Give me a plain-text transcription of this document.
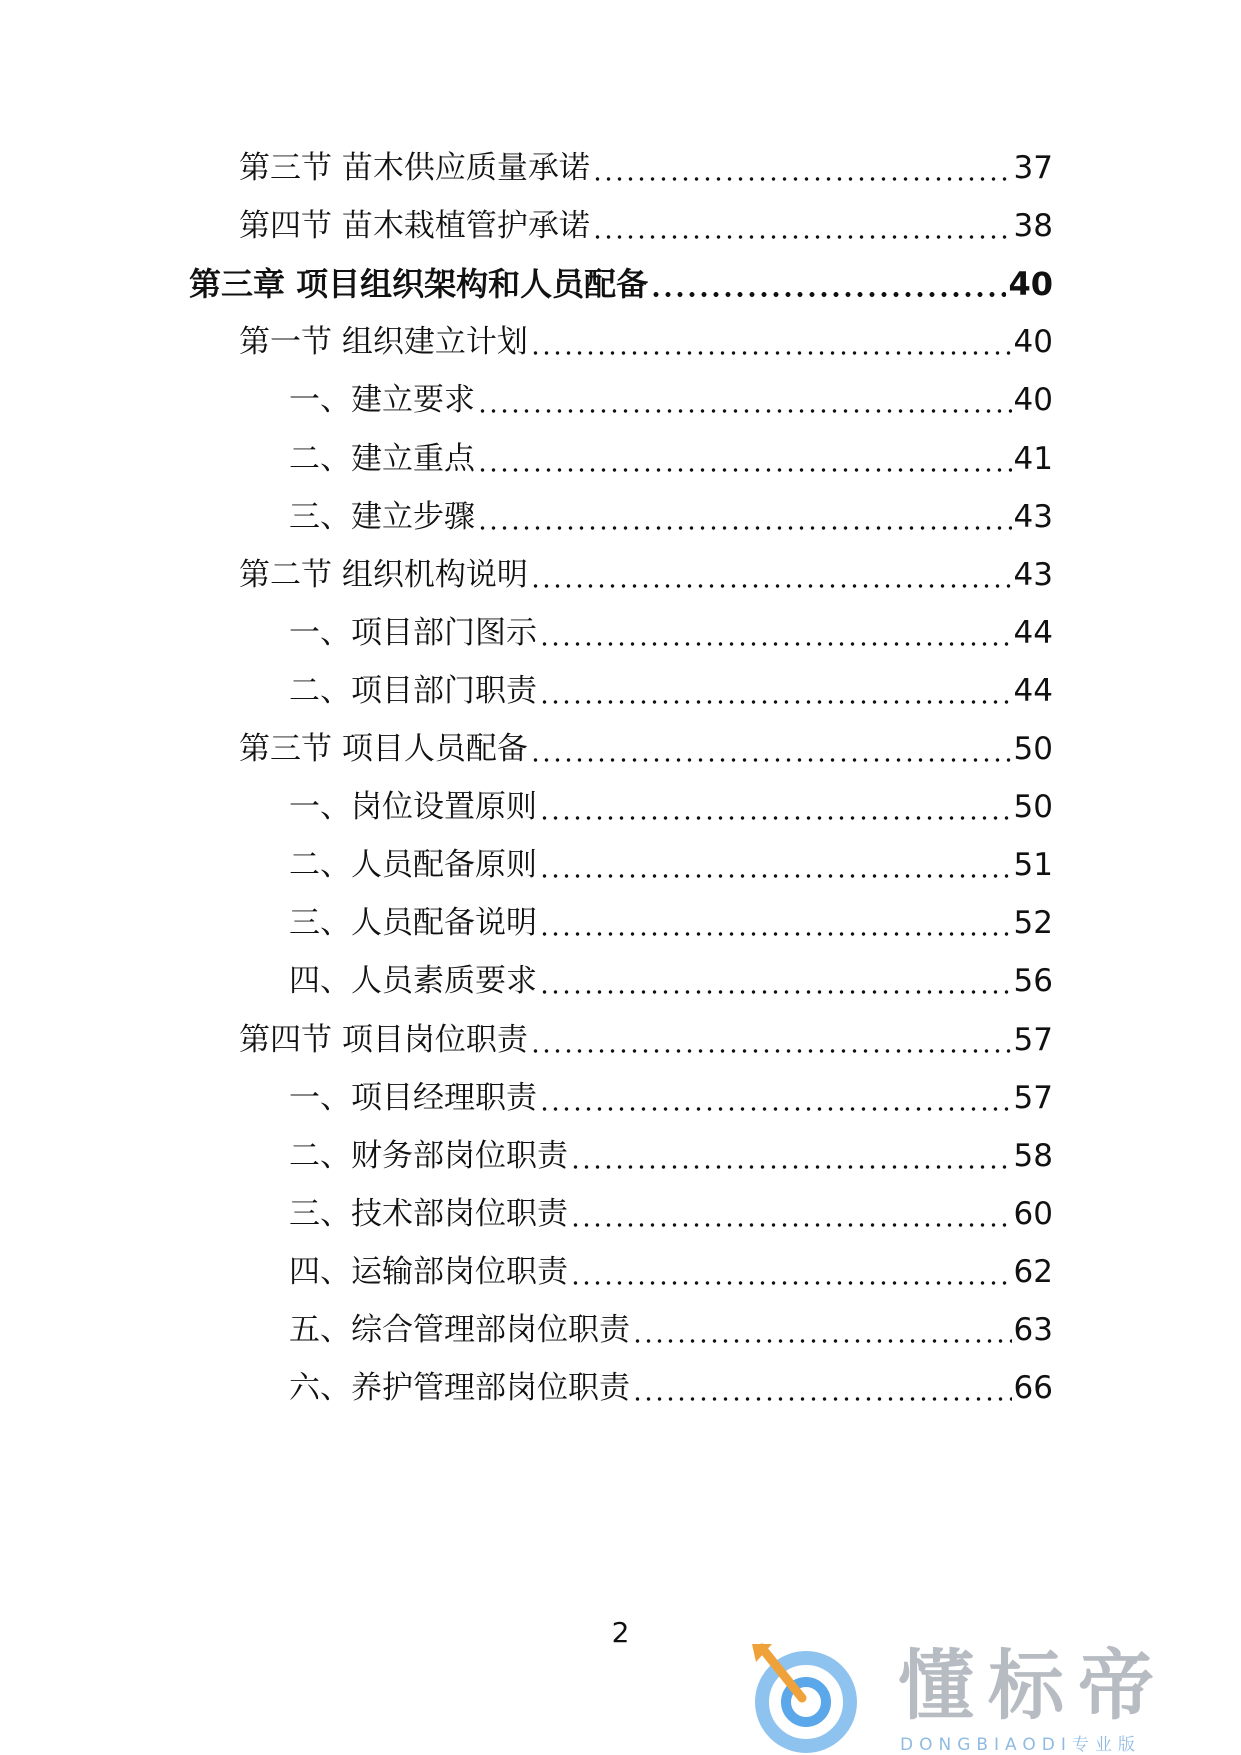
第三节 苗木供应质量承诺	37
第四节 苗木栽植管护承诺	38
第三章 项目组织架构和人员配备	40
第一节 组织建立计划	40
一、建立要求	40
二、建立重点	41
三、建立步骤	43
第二节 组织机构说明	43
一、项目部门图示	44
二、项目部门职责	44
第三节 项目人员配备	50
一、岗位设置原则	50
二、人员配备原则	51
三、人员配备说明	52
四、人员素质要求	56
第四节 项目岗位职责	57
一、项目经理职责	57
二、财务部岗位职责	58
三、技术部岗位职责	60
四、运输部岗位职责	62
五、综合管理部岗位职责	63
六、养护管理部岗位职责	66
2
懂标帝
DONGBIAODI专业版
